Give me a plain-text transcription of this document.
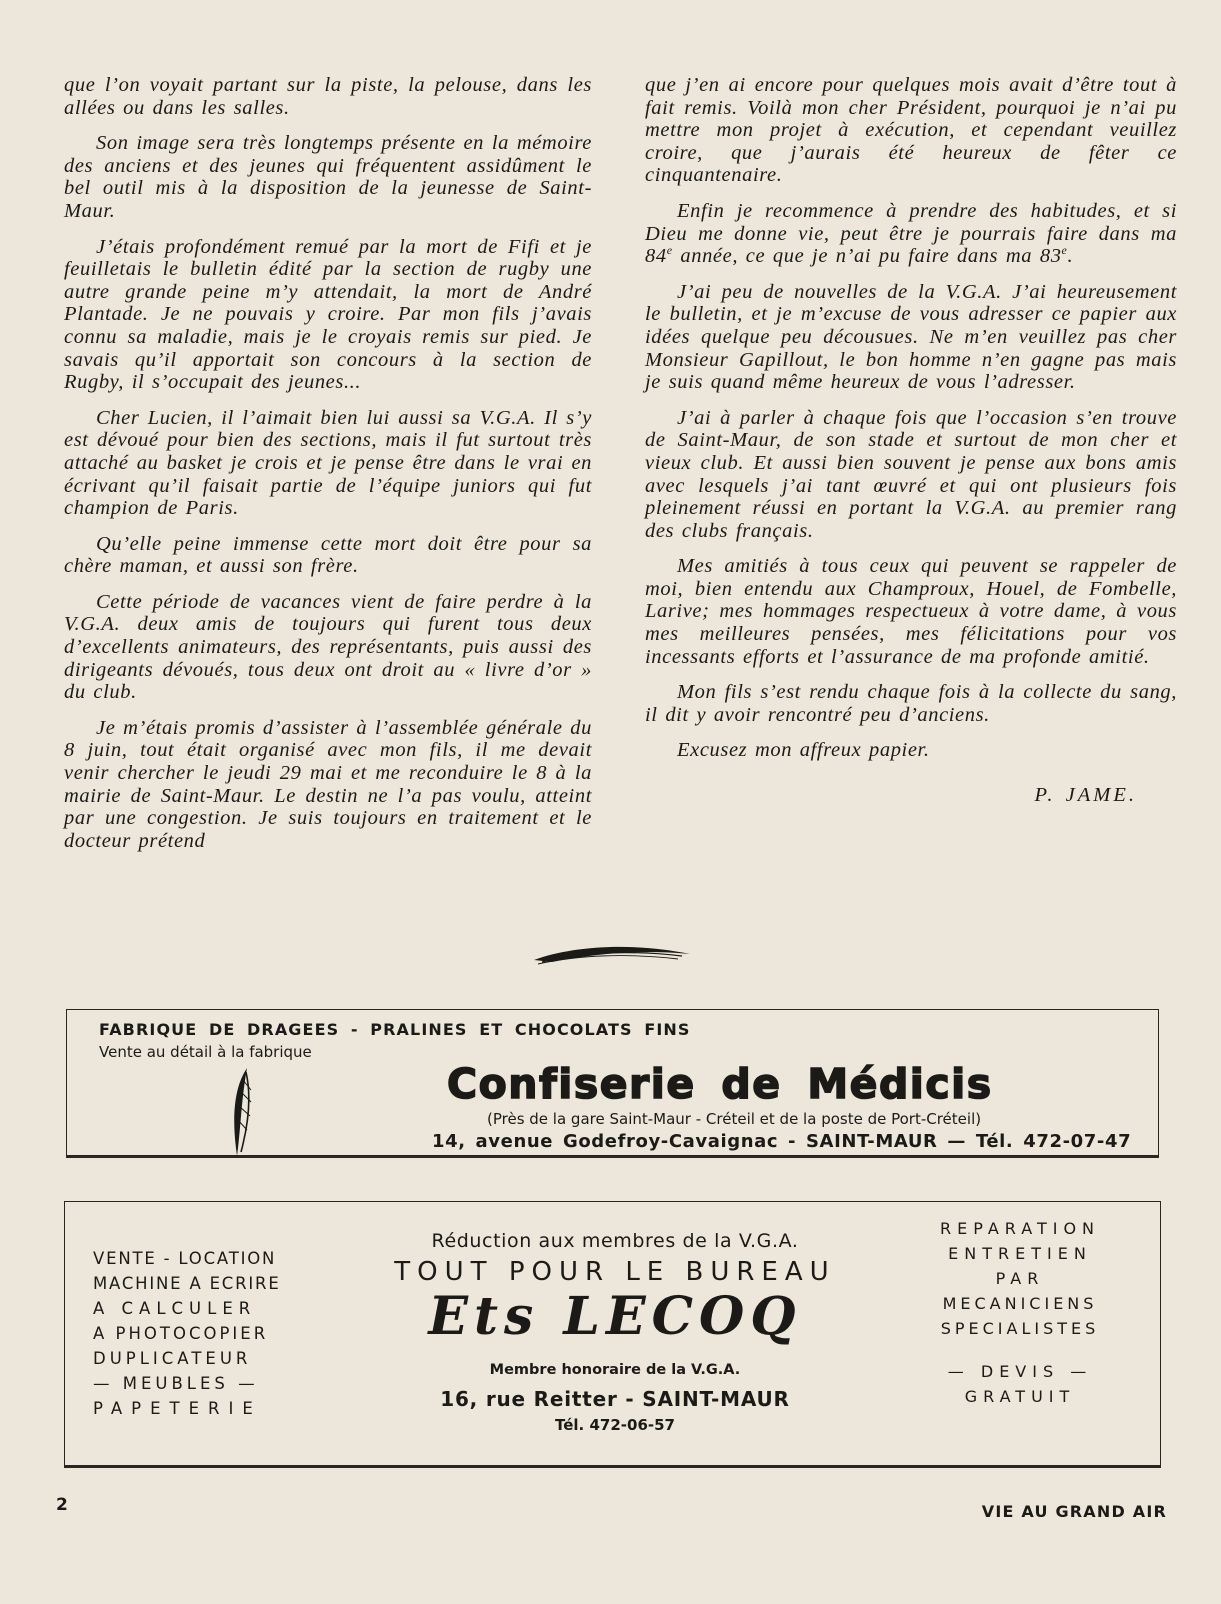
que l’on voyait partant sur la piste, la pelouse, dans les allées ou dans les salles.

Son image sera très longtemps présente en la mémoire des anciens et des jeunes qui fréquentent assidûment le bel outil mis à la disposition de la jeunesse de Saint-Maur.

J’étais profondément remué par la mort de Fifi et je feuilletais le bulletin édité par la section de rugby une autre grande peine m’y attendait, la mort de André Plantade. Je ne pouvais y croire. Par mon fils j’avais connu sa maladie, mais je le croyais remis sur pied. Je savais qu’il apportait son concours à la section de Rugby, il s’occupait des jeunes...

Cher Lucien, il l’aimait bien lui aussi sa V.G.A. Il s’y est dévoué pour bien des sections, mais il fut surtout très attaché au basket je crois et je pense être dans le vrai en écrivant qu’il faisait partie de l’équipe juniors qui fut champion de Paris.

Qu’elle peine immense cette mort doit être pour sa chère maman, et aussi son frère.

Cette période de vacances vient de faire perdre à la V.G.A. deux amis de toujours qui furent tous deux d’excellents animateurs, des représentants, puis aussi des dirigeants dévoués, tous deux ont droit au « livre d’or » du club.

Je m’étais promis d’assister à l’assemblée générale du 8 juin, tout était organisé avec mon fils, il me devait venir chercher le jeudi 29 mai et me reconduire le 8 à la mairie de Saint-Maur. Le destin ne l’a pas voulu, atteint par une congestion. Je suis toujours en traitement et le docteur prétend

que j’en ai encore pour quelques mois avait d’être tout à fait remis. Voilà mon cher Président, pourquoi je n’ai pu mettre mon projet à exécution, et cependant veuillez croire, que j’aurais été heureux de fêter ce cinquantenaire.

Enfin je recommence à prendre des habitudes, et si Dieu me donne vie, peut être je pourrais faire dans ma 84e année, ce que je n’ai pu faire dans ma 83e.

J’ai peu de nouvelles de la V.G.A. J’ai heureusement le bulletin, et je m’excuse de vous adresser ce papier aux idées quelque peu décousues. Ne m’en veuillez pas cher Monsieur Gapillout, le bon homme n’en gagne pas mais je suis quand même heureux de vous l’adresser.

J’ai à parler à chaque fois que l’occasion s’en trouve de Saint-Maur, de son stade et surtout de mon cher et vieux club. Et aussi bien souvent je pense aux bons amis avec lesquels j’ai tant œuvré et qui ont plusieurs fois pleinement réussi en portant la V.G.A. au premier rang des clubs français.

Mes amitiés à tous ceux qui peuvent se rappeler de moi, bien entendu aux Champroux, Houel, de Fombelle, Larive; mes hommages respectueux à votre dame, à vous mes meilleures pensées, mes félicitations pour vos incessants efforts et l’assurance de ma profonde amitié.

Mon fils s’est rendu chaque fois à la collecte du sang, il dit y avoir rencontré peu d’anciens.

Excusez mon affreux papier.

P. JAME.
FABRIQUE DE DRAGEES - PRALINES ET CHOCOLATS FINS
Vente au détail à la fabrique
Confiserie de Médicis
(Près de la gare Saint-Maur - Créteil et de la poste de Port-Créteil)
14, avenue Godefroy-Cavaignac - SAINT-MAUR — Tél. 472-07-47
VENTE - LOCATION
MACHINE A ECRIRE
A CALCULER
A PHOTOCOPIER
DUPLICATEUR
— MEUBLES —
PAPETERIE
Réduction aux membres de la V.G.A.
TOUT POUR LE BUREAU
Ets LECOQ
Membre honoraire de la V.G.A.
16, rue Reitter - SAINT-MAUR
Tél. 472-06-57
REPARATION
ENTRETIEN
PAR
MECANICIENS
SPECIALISTES
— DEVIS —
GRATUIT
2	VIE AU GRAND AIR
